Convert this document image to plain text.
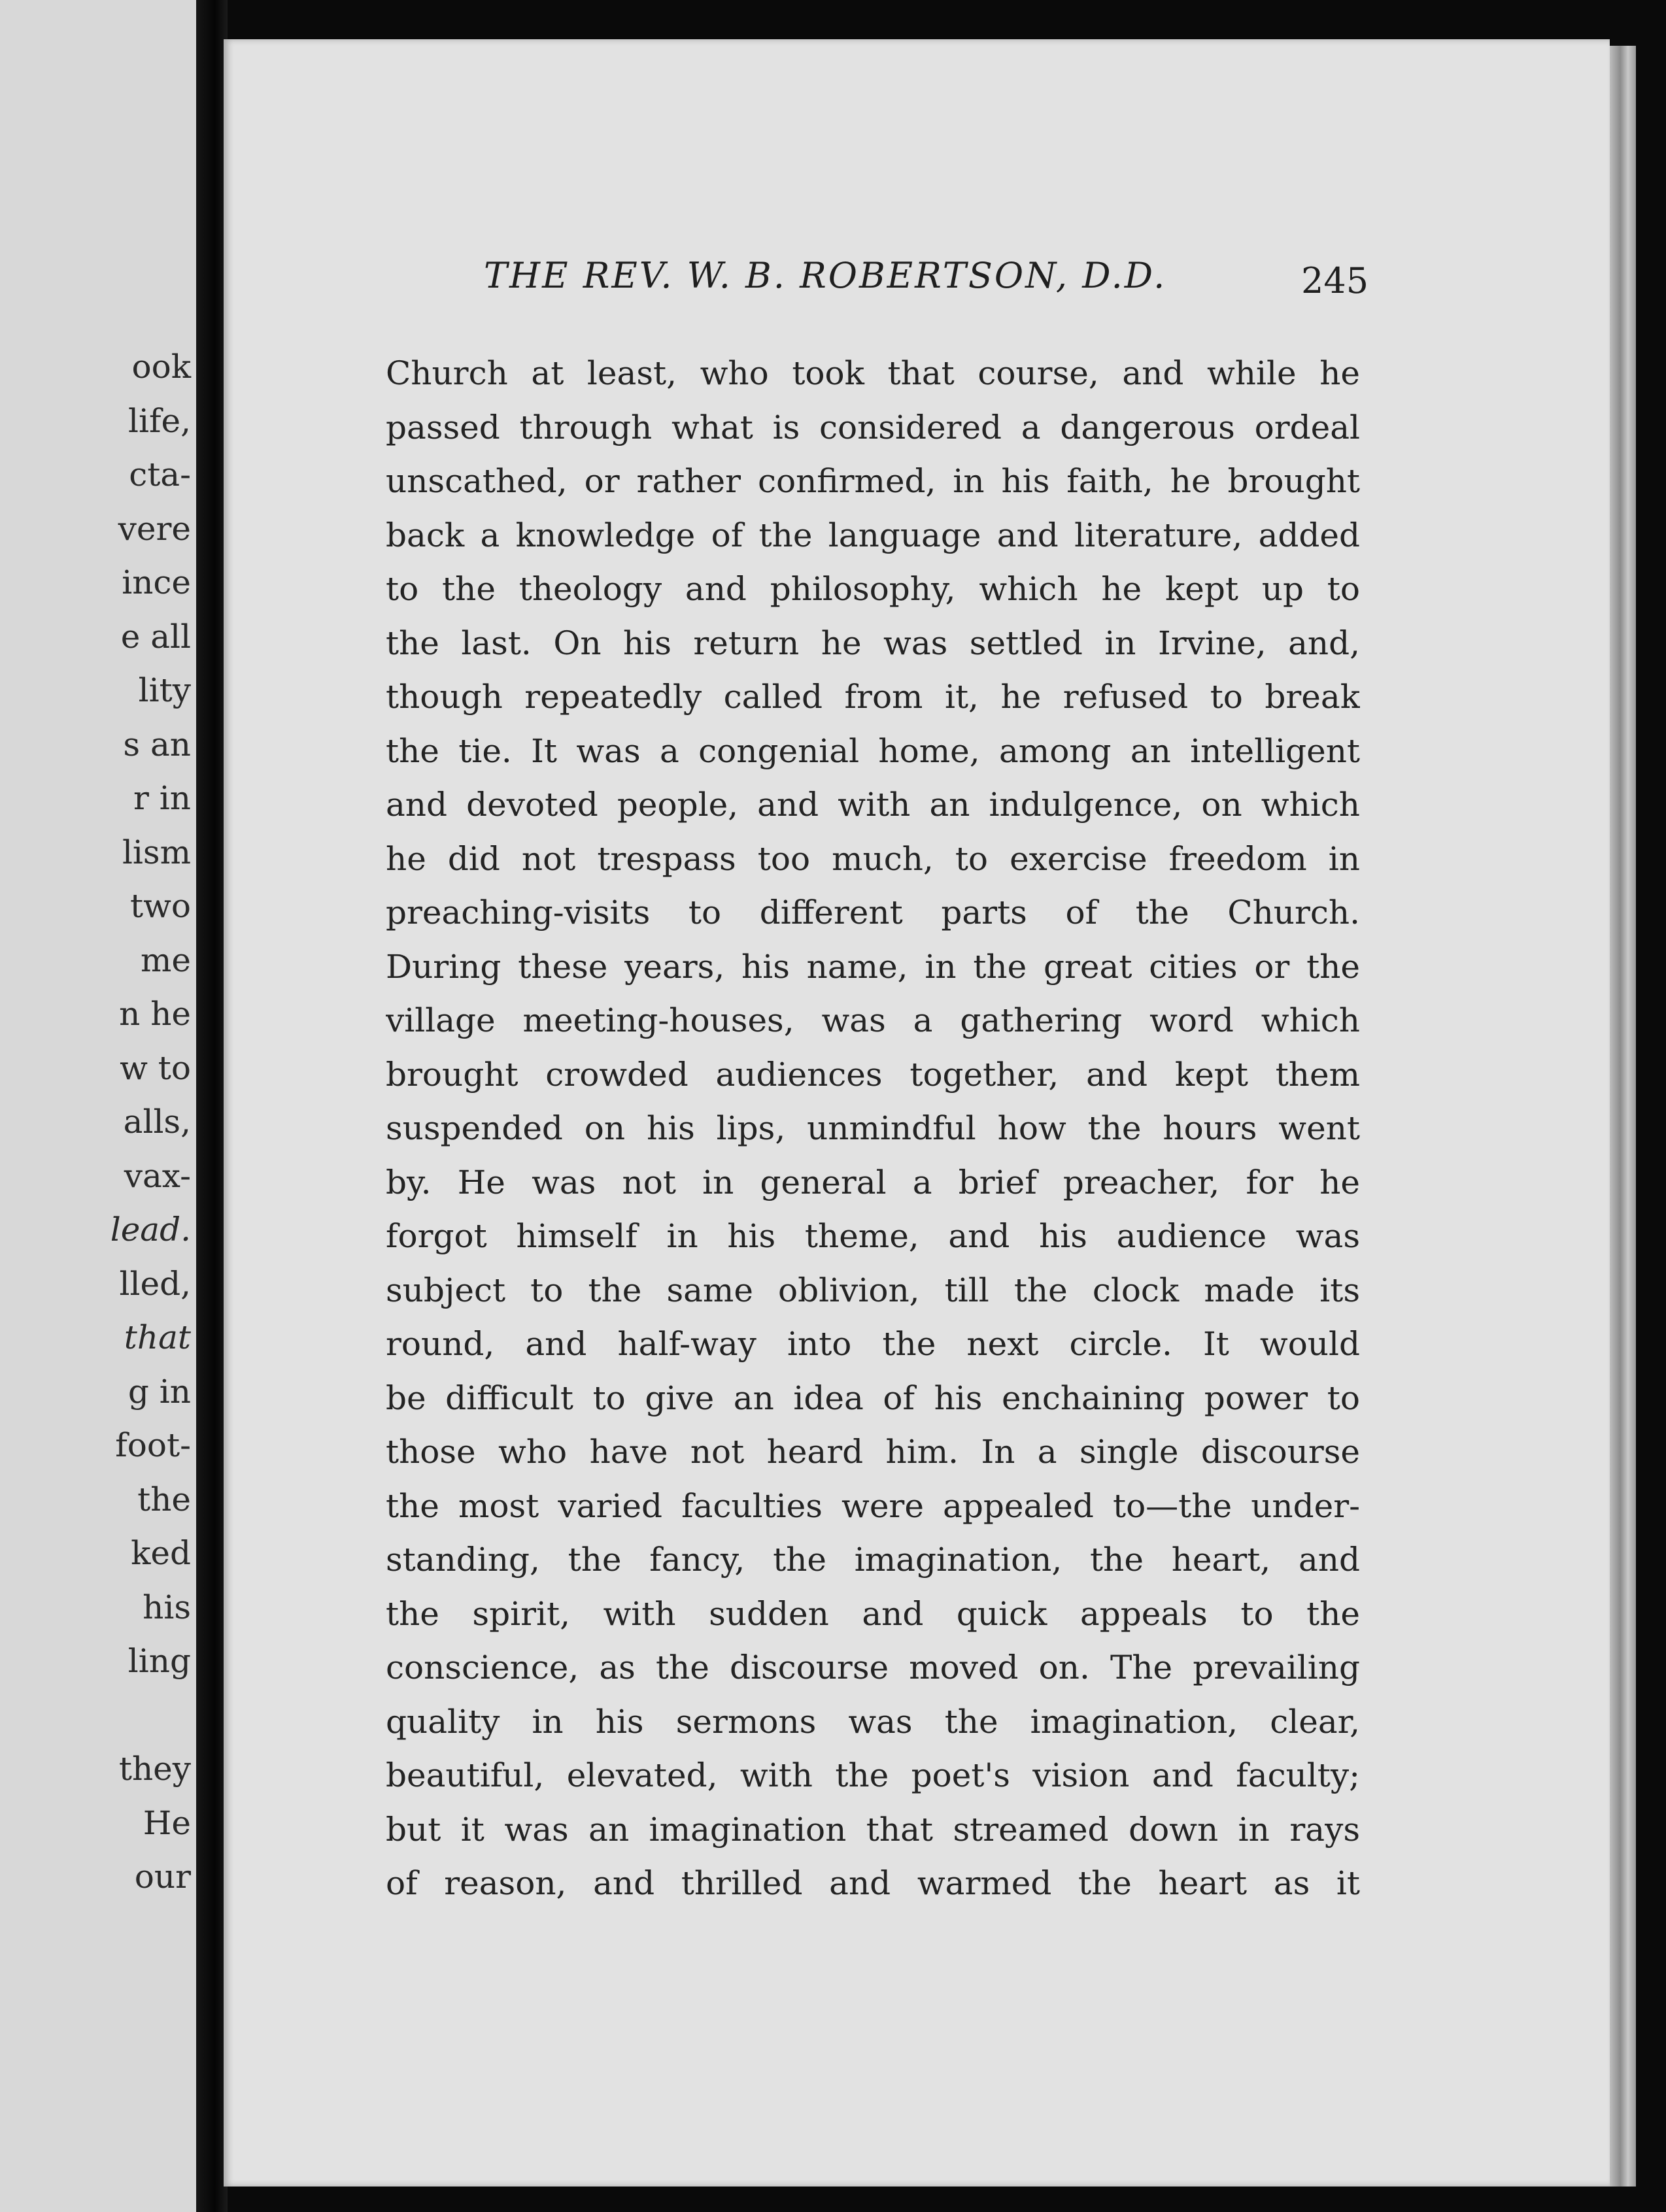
ook
life,
cta-
vere
ince
e all
lity
s an
r in
lism
two
me
n he
w to
alls,
vax-
lead.
lled,
that
g in
foot-
the
ked
his
ling
they
He
our
THE REV. W. B. ROBERTSON, D.D.	245
Church at least, who took that course, and while he
passed through what is considered a dangerous ordeal
unscathed, or rather confirmed, in his faith, he brought
back a knowledge of the language and literature, added
to the theology and philosophy, which he kept up to
the last. On his return he was settled in Irvine, and,
though repeatedly called from it, he refused to break
the tie. It was a congenial home, among an intelligent
and devoted people, and with an indulgence, on which
he did not trespass too much, to exercise freedom in
preaching-visits to different parts of the Church.
During these years, his name, in the great cities or the
village meeting-houses, was a gathering word which
brought crowded audiences together, and kept them
suspended on his lips, unmindful how the hours went
by. He was not in general a brief preacher, for he
forgot himself in his theme, and his audience was
subject to the same oblivion, till the clock made its
round, and half-way into the next circle. It would
be difficult to give an idea of his enchaining power to
those who have not heard him. In a single discourse
the most varied faculties were appealed to—the under-
standing, the fancy, the imagination, the heart, and
the spirit, with sudden and quick appeals to the
conscience, as the discourse moved on. The prevailing
quality in his sermons was the imagination, clear,
beautiful, elevated, with the poet's vision and faculty;
but it was an imagination that streamed down in rays
of reason, and thrilled and warmed the heart as it
